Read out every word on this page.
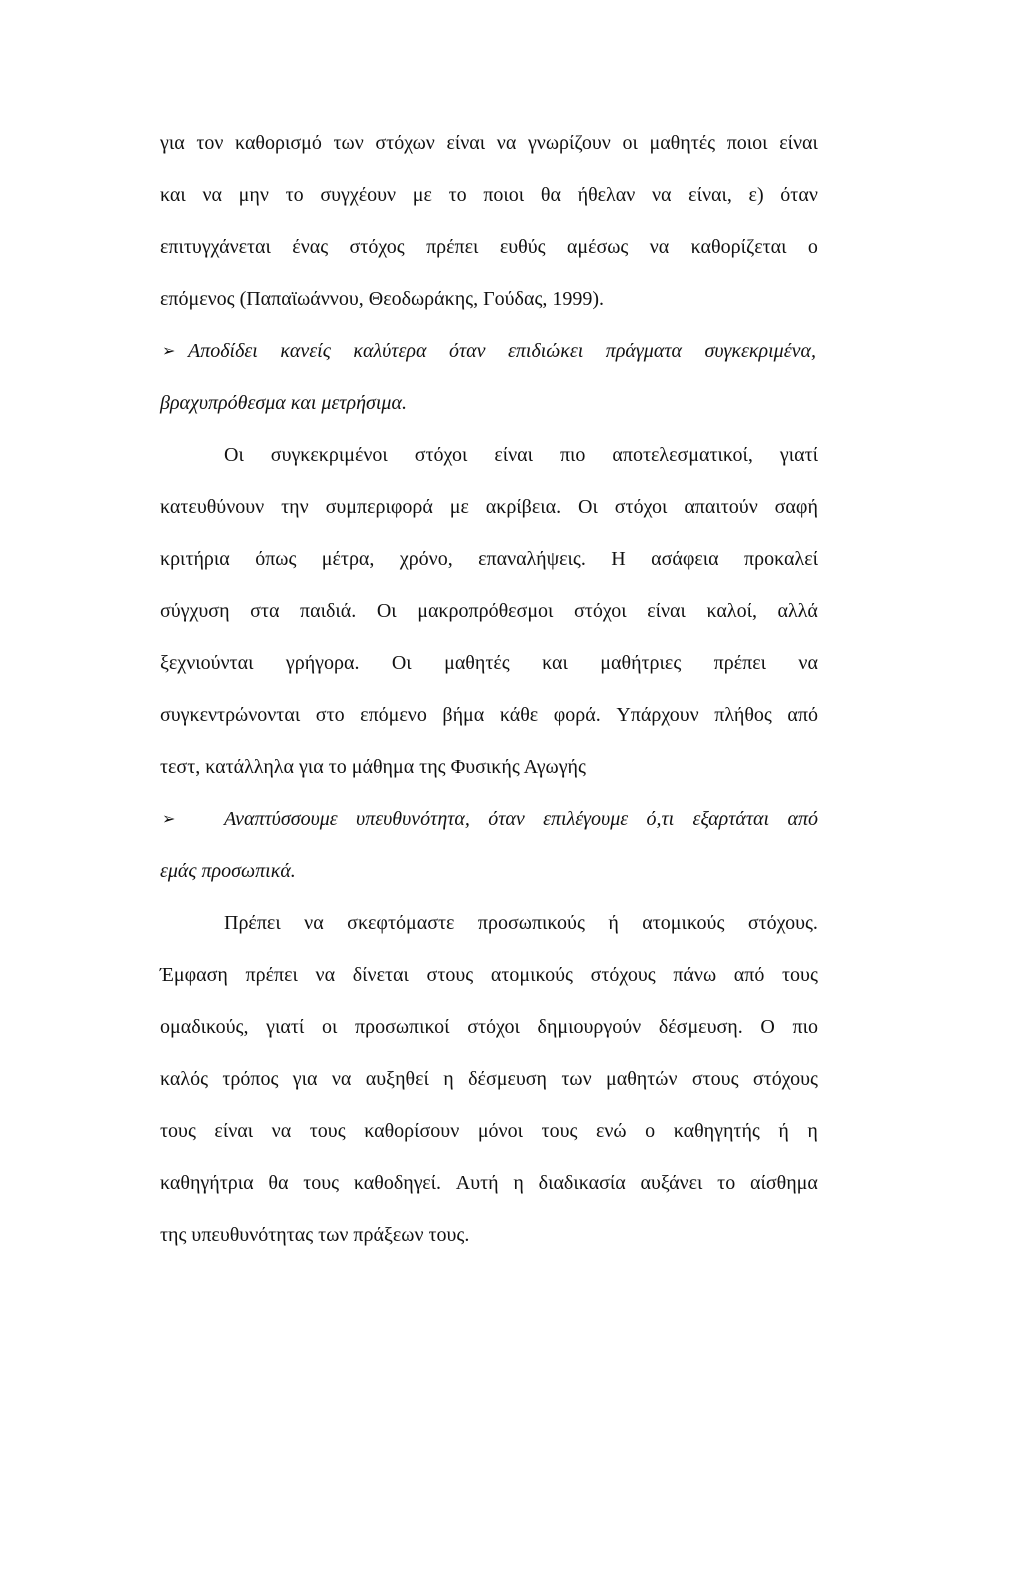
για τον καθορισμό των στόχων είναι να γνωρίζουν οι μαθητές ποιοι είναι
και να μην το συγχέουν με το ποιοι θα ήθελαν να είναι, ε) όταν
επιτυγχάνεται ένας στόχος πρέπει ευθύς αμέσως να καθορίζεται ο
επόμενος (Παπαϊωάννου, Θεοδωράκης, Γούδας, 1999).
➢ Αποδίδει κανείς καλύτερα όταν επιδιώκει πράγματα συγκεκριμένα,
βραχυπρόθεσμα και μετρήσιμα.
Οι συγκεκριμένοι στόχοι είναι πιο αποτελεσματικοί, γιατί
κατευθύνουν την συμπεριφορά με ακρίβεια. Οι στόχοι απαιτούν σαφή
κριτήρια όπως μέτρα, χρόνο, επαναλήψεις. Η ασάφεια προκαλεί
σύγχυση στα παιδιά. Οι μακροπρόθεσμοι στόχοι είναι καλοί, αλλά
ξεχνιούνται γρήγορα. Οι μαθητές και μαθήτριες πρέπει να
συγκεντρώνονται στο επόμενο βήμα κάθε φορά. Υπάρχουν πλήθος από
τεστ, κατάλληλα για το μάθημα της Φυσικής Αγωγής
➢ Αναπτύσσουμε υπευθυνότητα, όταν επιλέγουμε ό,τι εξαρτάται από
εμάς προσωπικά.
Πρέπει να σκεφτόμαστε προσωπικούς ή ατομικούς στόχους.
Έμφαση πρέπει να δίνεται στους ατομικούς στόχους πάνω από τους
ομαδικούς, γιατί οι προσωπικοί στόχοι δημιουργούν δέσμευση. Ο πιο
καλός τρόπος για να αυξηθεί η δέσμευση των μαθητών στους στόχους
τους είναι να τους καθορίσουν μόνοι τους ενώ ο καθηγητής ή η
καθηγήτρια θα τους καθοδηγεί. Αυτή η διαδικασία αυξάνει το αίσθημα
της υπευθυνότητας των πράξεων τους.
